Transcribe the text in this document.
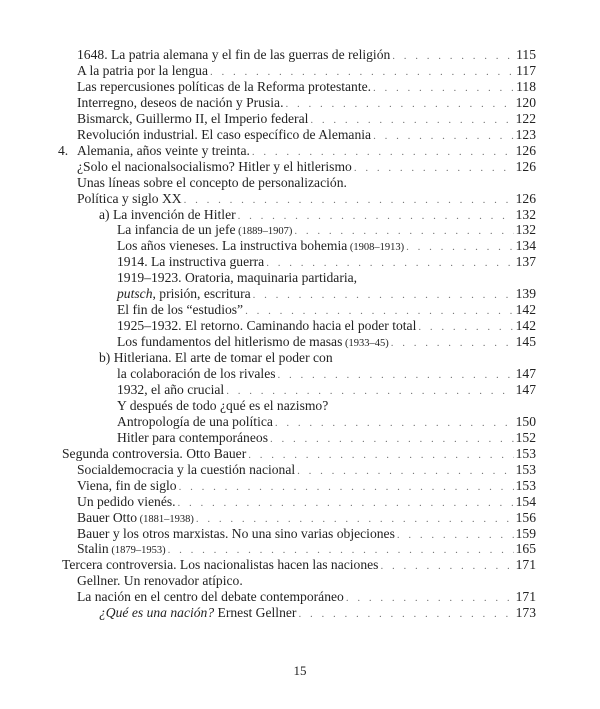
1648. La patria alemana y el fin de las guerras de religión . . .	115
A la patria por la lengua . . .	117
Las repercusiones políticas de la Reforma protestante. . . .	118
Interregno, deseos de nación y Prusia. . . .	120
Bismarck, Guillermo II, el Imperio federal . . .	122
Revolución industrial. El caso específico de Alemania . . .	123
4. Alemania, años veinte y treinta. . . .	126
¿Solo el nacionalsocialismo? Hitler y el hitlerismo . . .	126
Unas líneas sobre el concepto de personalización.
Política y siglo XX . . .	126
a) La invención de Hitler . . .	132
La infancia de un jefe (1889–1907) . . .	132
Los años vieneses. La instructiva bohemia (1908–1913) . . .	134
1914. La instructiva guerra . . .	137
1919–1923. Oratoria, maquinaria partidaria,
putsch, prisión, escritura . . .	139
El fin de los “estudios” . . .	142
1925–1932. El retorno. Caminando hacia el poder total . . .	142
Los fundamentos del hitlerismo de masas (1933–45) . . .	145
b) Hitleriana. El arte de tomar el poder con
la colaboración de los rivales . . .	147
1932, el año crucial . . .	147
Y después de todo ¿qué es el nazismo?
Antropología de una política . . .	150
Hitler para contemporáneos . . .	152
Segunda controversia. Otto Bauer . . .	153
Socialdemocracia y la cuestión nacional . . .	153
Viena, fin de siglo . . .	153
Un pedido vienés. . . .	154
Bauer Otto (1881–1938) . . .	156
Bauer y los otros marxistas. No una sino varias objeciones . . .	159
Stalin (1879–1953) . . .	165
Tercera controversia. Los nacionalistas hacen las naciones . . .	171
Gellner. Un renovador atípico.
La nación en el centro del debate contemporáneo . . .	171
¿Qué es una nación? Ernest Gellner . . .	173
15
